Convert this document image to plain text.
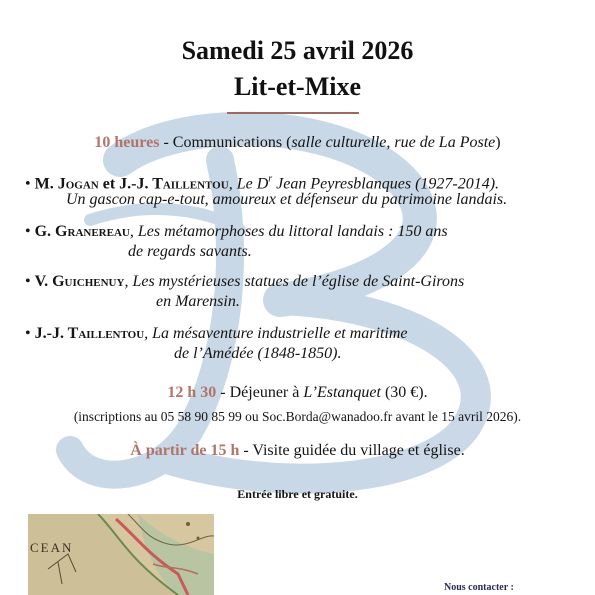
Samedi 25 avril 2026
Lit-et-Mixe
10 heures - Communications (salle culturelle, rue de La Poste)
• M. Jogan et J.-J. Taillentou, Le $D^r$ Jean Peyresblanques (1927-2014).
Un gascon cap-e-tout, amoureux et défenseur du patrimoine landais.
• G. Granereau, Les métamorphoses du littoral landais : 150 ans
de regards savants.
• V. Guichenuy, Les mystérieuses statues de l’église de Saint-Girons
en Marensin.
• J.-J. Taillentou, La mésaventure industrielle et maritime
de l’Amédée (1848-1850).
12 h 30 - Déjeuner à L’Estanquet (30 €).
(inscriptions au 05 58 90 85 99 ou Soc.Borda@wanadoo.fr avant le 15 avril 2026).
À partir de 15 h - Visite guidée du village et église.
Entrée libre et gratuite.
CEAN
Nous contacter :
